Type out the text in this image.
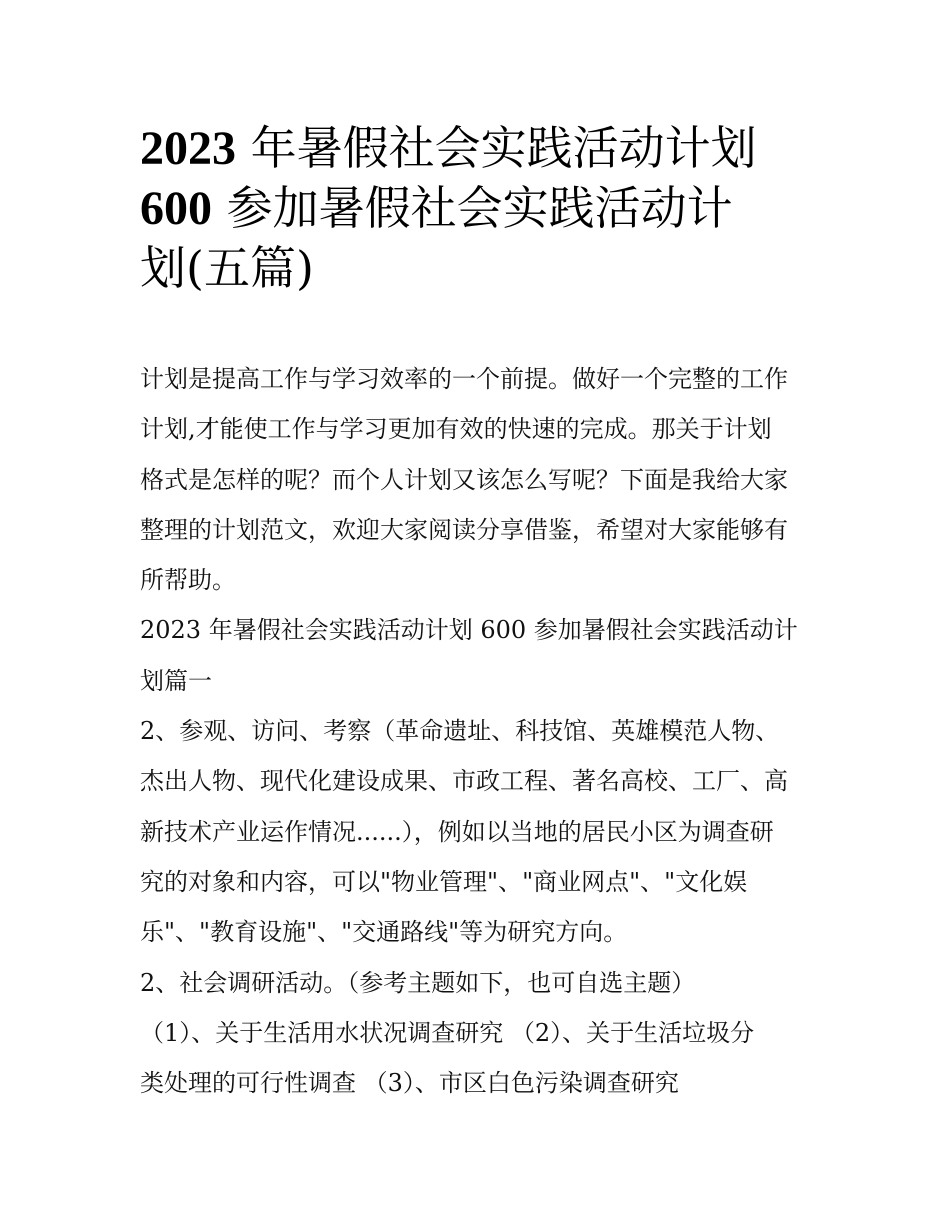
2023 年暑假社会实践活动计划
600 参加暑假社会实践活动计
划(五篇)
计划是提高工作与学习效率的一个前提。做好一个完整的工作
计划,才能使工作与学习更加有效的快速的完成。那关于计划
格式是怎样的呢？而个人计划又该怎么写呢？下面是我给大家
整理的计划范文，欢迎大家阅读分享借鉴，希望对大家能够有
所帮助。
2023 年暑假社会实践活动计划 600 参加暑假社会实践活动计
划篇一
2、参观、访问、考察（革命遗址、科技馆、英雄模范人物、
杰出人物、现代化建设成果、市政工程、著名高校、工厂、高
新技术产业运作情况......），例如以当地的居民小区为调查研
究的对象和内容，可以"物业管理"、"商业网点"、"文化娱
乐"、"教育设施"、"交通路线"等为研究方向。
2、社会调研活动。（参考主题如下，也可自选主题）
（1）、关于生活用水状况调查研究 （2）、关于生活垃圾分
类处理的可行性调查 （3）、市区白色污染调查研究
